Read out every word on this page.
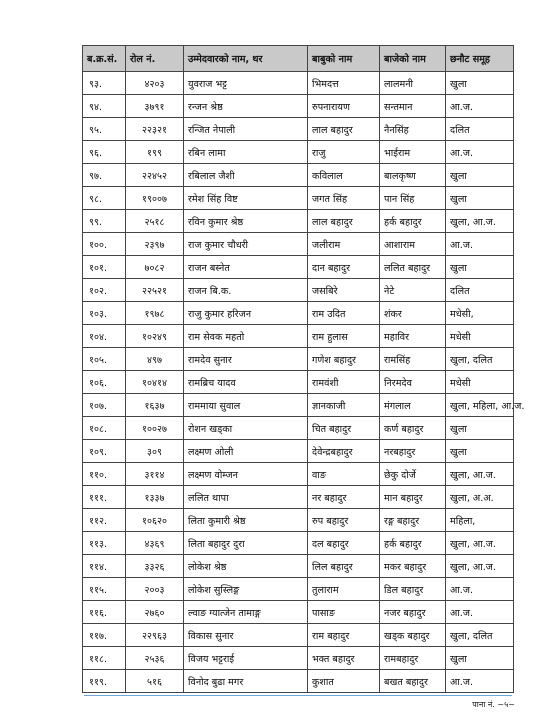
ब.क्र.सं.	रोल नं.	उम्मेदवारको नाम, थर	बाबुको नाम	बाजेको नाम	छनौट समूह
९३.	४२०३	युवराज भट्ट	भिमदत्त	लालमनी	खुला
९४.	३७९१	रन्जन श्रेष्ठ	रुपनारायण	सन्तमान	आ.ज.
९५.	२२३२१	रन्जित नेपाली	लाल बहादुर	नैनसिंह	दलित
९६.	१९९	रबिन लामा	राजु	भाईराम	आ.ज.
९७.	२२४५२	रबिलाल जैशी	कविलाल	बालकृष्ण	खुला
९८.	१९००७	रमेश सिंह विष्ट	जगत सिंह	पान सिंह	खुला
९९.	२५१८	रविन कुमार श्रेष्ठ	लाल बहादुर	हर्क बहादुर	खुला, आ.ज.
१००.	२३९७	राज कुमार चौधरी	जलीराम	आशाराम	आ.ज.
१०१.	७०८२	राजन बस्नेत	दान बहादुर	ललित बहादुर	खुला
१०२.	२२५२१	राजन बि.क.	जसबिरे	नेटे	दलित
१०३.	१९७८	राजु कुमार हरिजन	राम उदित	शंकर	मधेसी,
१०४.	१०२४९	राम सेवक महतो	राम हुलास	महाविर	मधेसी
१०५.	४९७	रामदेव सुनार	गणेश बहादुर	रामसिंह	खुला, दलित
१०६.	१०४१४	रामब्रिच यादव	रामवंशी	निरमदेव	मधेसी
१०७.	१६३७	राममाया सुवाल	ज्ञानकाजी	मंगलाल	खुला, महिला, आ.ज.
१०८.	१००२७	रोशन खड्का	चित बहादुर	कर्ण बहादुर	खुला
१०९.	३०९	लक्ष्मण ओली	देवेन्द्रबहादुर	नरबहादुर	खुला
११०.	३११४	लक्ष्मण वोम्जन	वाङ	छेकु दोर्जे	खुला, आ.ज.
१११.	१३३७	ललित थापा	नर बहादुर	मान बहादुर	खुला, अ.अ.
११२.	१०६२०	लिता कुमारी श्रेष्ठ	रुप बहादुर	रङ्ग बहादुर	महिला,
११३.	४३६९	लिता बहादुर दुरा	दल बहादुर	हर्क बहादुर	खुला, आ.ज.
११४.	३३२६	लोकेश श्रेष्ठ	लिल बहादुर	मकर बहादुर	खुला, आ.ज.
११५.	२००३	लोकेश सुस्लिङ्ग	तुलाराम	डिल बहादुर	आ.ज.
११६.	२७६०	ल्वाङ ग्यात्जेन तामाङ्ग	पासाङ	नजर बहादुर	आ.ज.
११७.	२२९६३	विकास सुनार	राम बहादुर	खड्क बहादुर	खुला, दलित
११८.	२५३६	विजय भट्टराई	भक्त बहादुर	रामबहादुर	खुला
११९.	५१६	विनोद बुढा मगर	कुशात	बखत बहादुर	आ.ज.
पाना नं. ~५~
